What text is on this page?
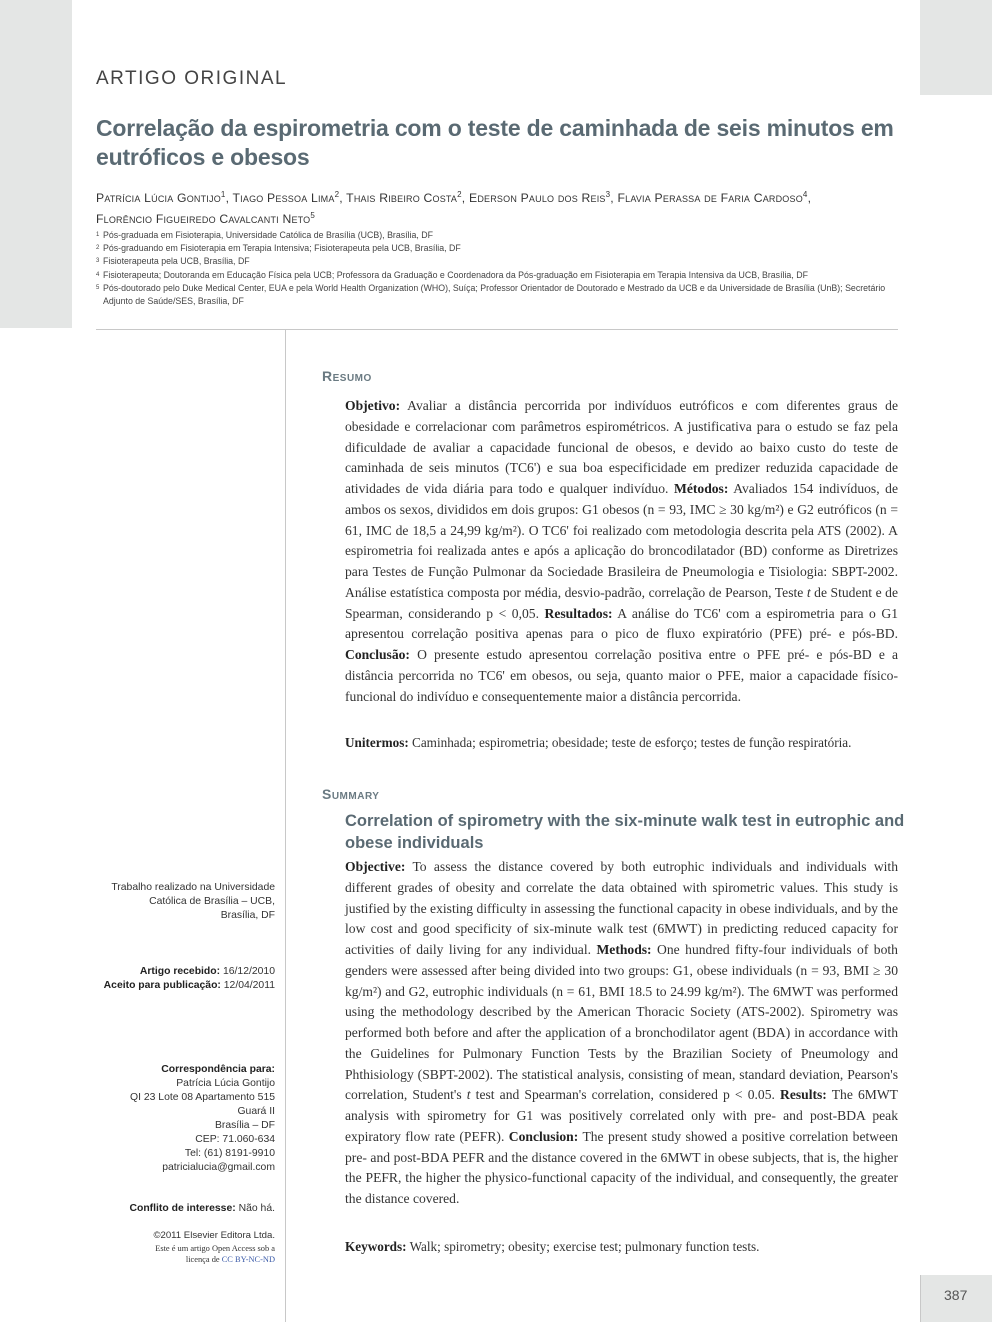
ARTIGO ORIGINAL
Correlação da espirometria com o teste de caminhada de seis minutos em eutróficos e obesos
Patrícia Lúcia Gontijo$^1$, Tiago Pessoa Lima$^2$, Thais Ribeiro Costa$^2$, Ederson Paulo dos Reis$^3$, Flavia Perassa de Faria Cardoso$^4$,
Florêncio Figueiredo Cavalcanti Neto$^5$
1 Pós-graduada em Fisioterapia, Universidade Católica de Brasília (UCB), Brasília, DF
2 Pós-graduando em Fisioterapia em Terapia Intensiva; Fisioterapeuta pela UCB, Brasília, DF
3 Fisioterapeuta pela UCB, Brasília, DF
4 Fisioterapeuta; Doutoranda em Educação Física pela UCB; Professora da Graduação e Coordenadora da Pós-graduação em Fisioterapia em Terapia Intensiva da UCB, Brasília, DF
5 Pós-doutorado pelo Duke Medical Center, EUA e pela World Health Organization (WHO), Suíça; Professor Orientador de Doutorado e Mestrado da UCB e da Universidade de Brasília (UnB); Secretário Adjunto de Saúde/SES, Brasília, DF
Resumo
Objetivo: Avaliar a distância percorrida por indivíduos eutróficos e com diferentes graus de obesidade e correlacionar com parâmetros espirométricos. A justificativa para o estudo se faz pela dificuldade de avaliar a capacidade funcional de obesos, e devido ao baixo custo do teste de caminhada de seis minutos (TC6') e sua boa especificidade em predizer reduzida capacidade de atividades de vida diária para todo e qualquer indivíduo. Métodos: Avaliados 154 indivíduos, de ambos os sexos, divididos em dois grupos: G1 obesos (n = 93, IMC ≥ 30 kg/m²) e G2 eutróficos (n = 61, IMC de 18,5 a 24,99 kg/m²). O TC6' foi realizado com metodologia descrita pela ATS (2002). A espirometria foi realizada antes e após a aplicação do broncodilatador (BD) conforme as Diretrizes para Testes de Função Pulmonar da Sociedade Brasileira de Pneumologia e Tisiologia: SBPT-2002. Análise estatística composta por média, desvio-padrão, correlação de Pearson, Teste t de Student e de Spearman, considerando p < 0,05. Resultados: A análise do TC6' com a espirometria para o G1 apresentou correlação positiva apenas para o pico de fluxo expiratório (PFE) pré- e pós-BD. Conclusão: O presente estudo apresentou correlação positiva entre o PFE pré- e pós-BD e a distância percorrida no TC6' em obesos, ou seja, quanto maior o PFE, maior a capacidade físico-funcional do indivíduo e consequentemente maior a distância percorrida.
Unitermos: Caminhada; espirometria; obesidade; teste de esforço; testes de função respiratória.
Summary
Correlation of spirometry with the six-minute walk test in eutrophic and obese individuals
Objective: To assess the distance covered by both eutrophic individuals and individuals with different grades of obesity and correlate the data obtained with spirometric values. This study is justified by the existing difficulty in assessing the functional capacity in obese individuals, and by the low cost and good specificity of six-minute walk test (6MWT) in predicting reduced capacity for activities of daily living for any individual. Methods: One hundred fifty-four individuals of both genders were assessed after being divided into two groups: G1, obese individuals (n = 93, BMI ≥ 30 kg/m²) and G2, eutrophic individuals (n = 61, BMI 18.5 to 24.99 kg/m²). The 6MWT was performed using the methodology described by the American Thoracic Society (ATS-2002). Spirometry was performed both before and after the application of a bronchodilator agent (BDA) in accordance with the Guidelines for Pulmonary Function Tests by the Brazilian Society of Pneumology and Phthisiology (SBPT-2002). The statistical analysis, consisting of mean, standard deviation, Pearson's correlation, Student's t test and Spearman's correlation, considered p < 0.05. Results: The 6MWT analysis with spirometry for G1 was positively correlated only with pre- and post-BDA peak expiratory flow rate (PEFR). Conclusion: The present study showed a positive correlation between pre- and post-BDA PEFR and the distance covered in the 6MWT in obese subjects, that is, the higher the PEFR, the higher the physico-functional capacity of the individual, and consequently, the greater the distance covered.
Keywords: Walk; spirometry; obesity; exercise test; pulmonary function tests.
Trabalho realizado na Universidade
Católica de Brasília – UCB,
Brasília, DF
Artigo recebido: 16/12/2010
Aceito para publicação: 12/04/2011
Correspondência para:
Patrícia Lúcia Gontijo
QI 23 Lote 08 Apartamento 515
Guará II
Brasília – DF
CEP: 71.060-634
Tel: (61) 8191-9910
patricialucia@gmail.com
Conflito de interesse: Não há.
©2011 Elsevier Editora Ltda.
Este é um artigo Open Access sob a
licença de CC BY-NC-ND
387
